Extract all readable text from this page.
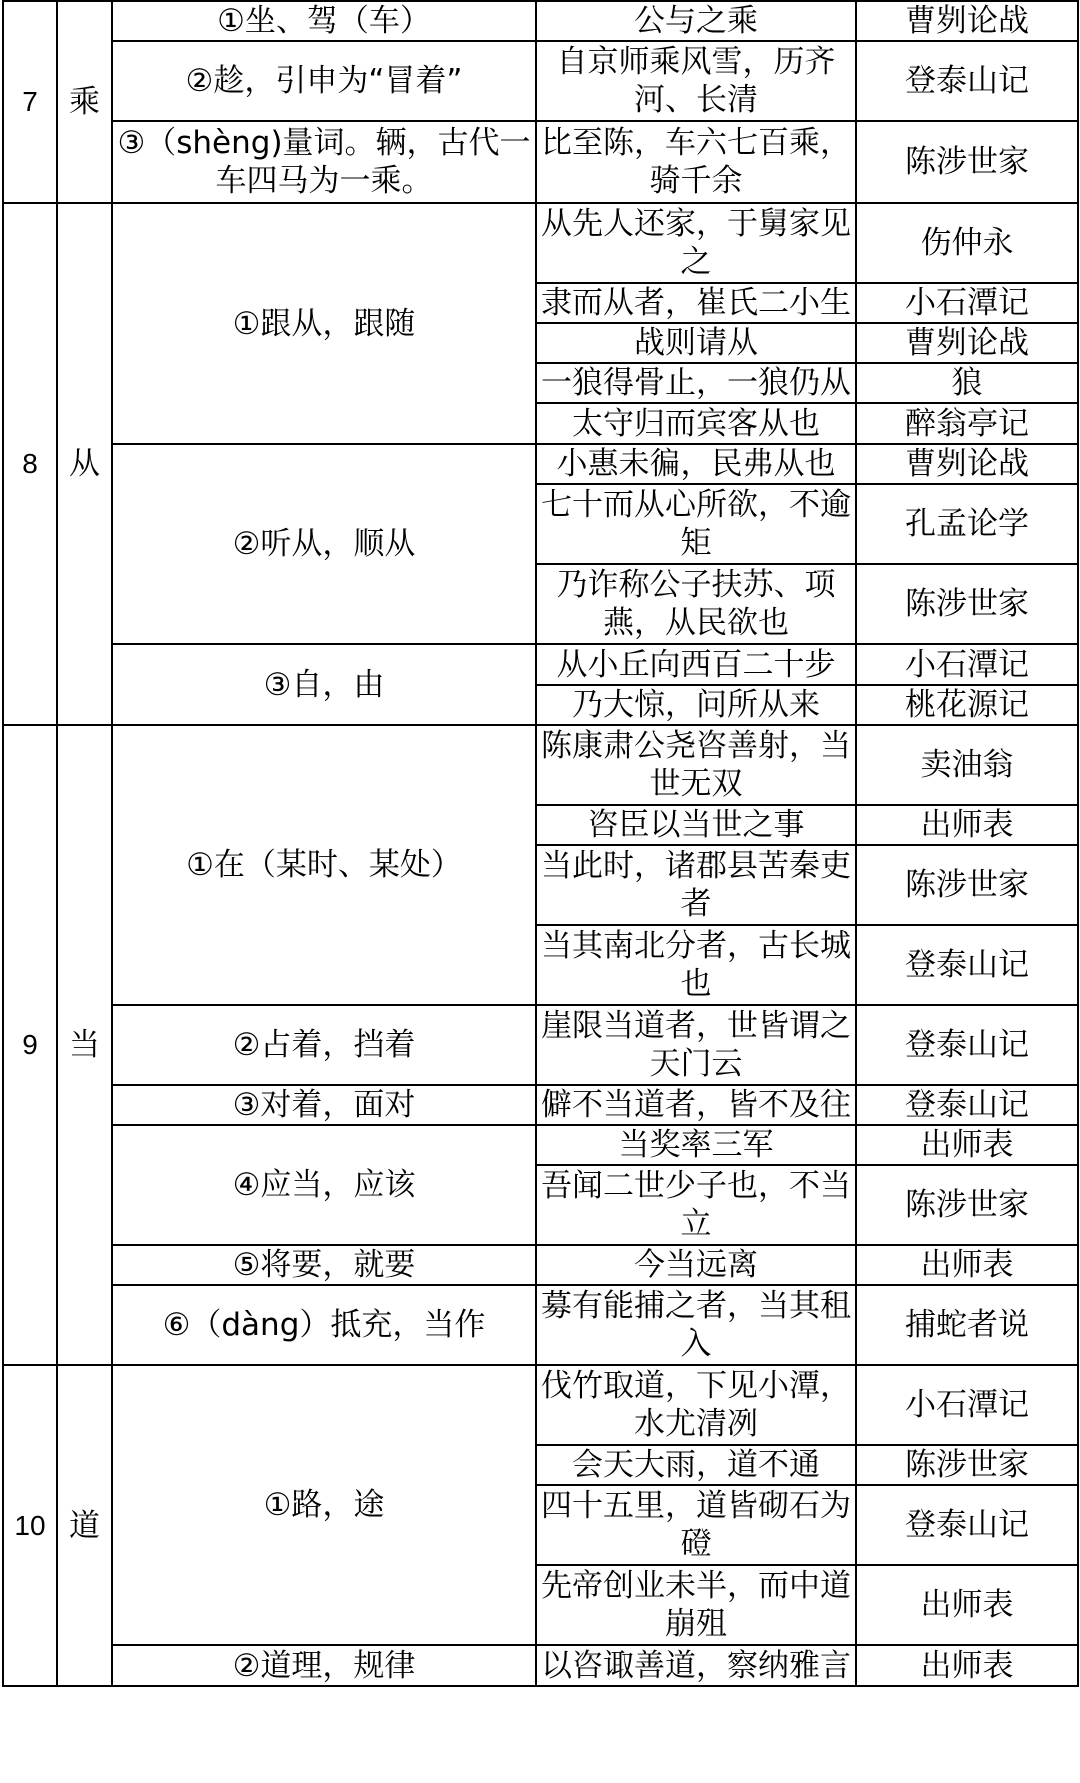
7	乘	①坐、驾（车）	公与之乘	曹刿论战
		②趁，引申为“冒着”	自京师乘风雪，历齐河、长清	登泰山记
		③（shèng)量词。辆，古代一车四马为一乘。	比至陈，车六七百乘，骑千余	陈涉世家
8	从	①跟从，跟随	从先人还家，于舅家见之	伤仲永
			隶而从者，崔氏二小生	小石潭记
			战则请从	曹刿论战
			一狼得骨止，一狼仍从	狼
			太守归而宾客从也	醉翁亭记
		②听从，顺从	小惠未徧，民弗从也	曹刿论战
			七十而从心所欲，不逾矩	孔孟论学
			乃诈称公子扶苏、项燕，从民欲也	陈涉世家
		③自，由	从小丘向西百二十步	小石潭记
			乃大惊，问所从来	桃花源记
9	当	①在（某时、某处）	陈康肃公尧咨善射，当世无双	卖油翁
			咨臣以当世之事	出师表
			当此时，诸郡县苦秦吏者	陈涉世家
			当其南北分者，古长城也	登泰山记
		②占着，挡着	崖限当道者，世皆谓之天门云	登泰山记
		③对着，面对	僻不当道者，皆不及往	登泰山记
		④应当，应该	当奖率三军	出师表
			吾闻二世少子也，不当立	陈涉世家
		⑤将要，就要	今当远离	出师表
		⑥（dàng）抵充，当作	募有能捕之者，当其租入	捕蛇者说
10	道	①路，途	伐竹取道，下见小潭，水尤清冽	小石潭记
			会天大雨，道不通	陈涉世家
			四十五里，道皆砌石为磴	登泰山记
			先帝创业未半，而中道崩殂	出师表
		②道理，规律	以咨诹善道，察纳雅言	出师表
